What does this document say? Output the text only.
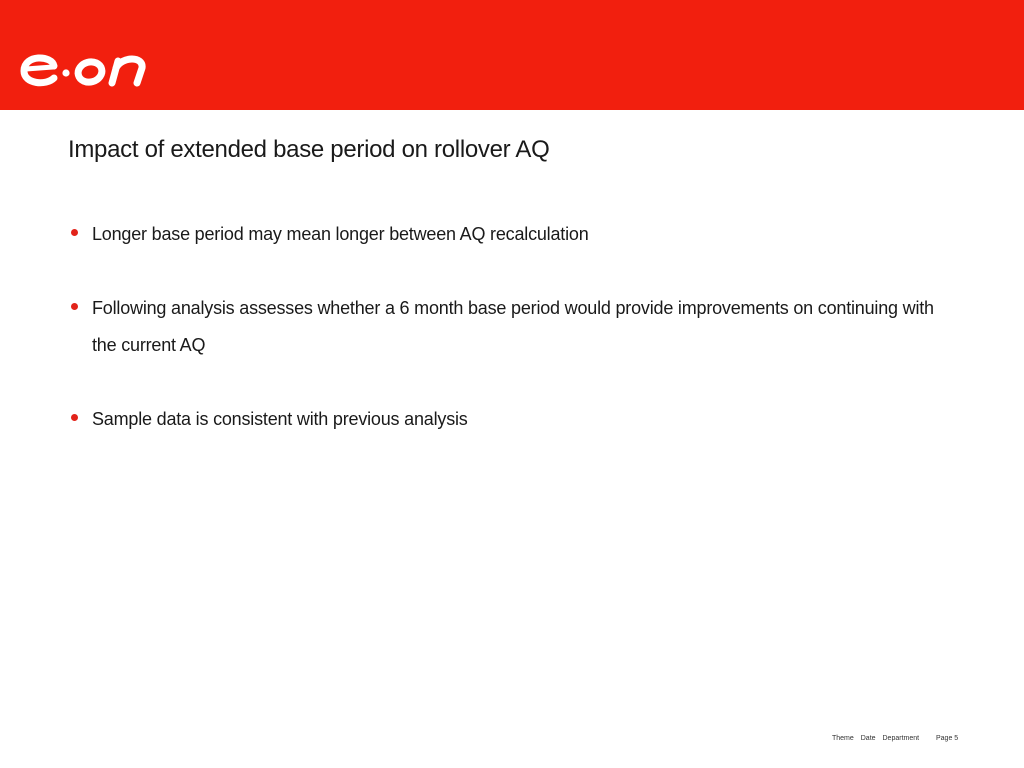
Impact of extended base period on rollover AQ
Longer base period may mean longer between AQ recalculation
Following analysis assesses whether a 6 month base period would provide improvements on continuing with the current AQ
Sample data is consistent with previous analysis
Theme Date Department	Page 5
